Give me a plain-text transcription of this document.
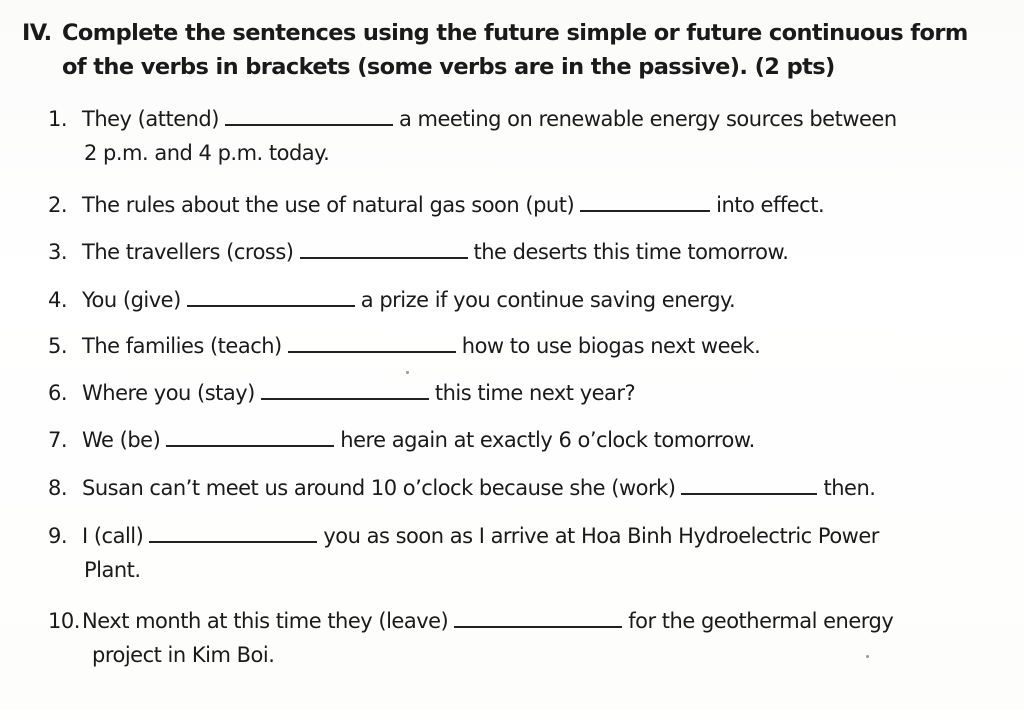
IV. Complete the sentences using the future simple or future continuous form
of the verbs in brackets (some verbs are in the passive). (2 pts)
1. They (attend)	a meeting on renewable energy sources between
2 p.m. and 4 p.m. today.
2. The rules about the use of natural gas soon (put)	into effect.
3. The travellers (cross)	the deserts this time tomorrow.
4. You (give)	a prize if you continue saving energy.
5. The families (teach)	how to use biogas next week.
6. Where you (stay)	this time next year?
7. We (be)	here again at exactly 6 o’clock tomorrow.
8. Susan can’t meet us around 10 o’clock because she (work)	then.
9. I (call)	you as soon as I arrive at Hoa Binh Hydroelectric Power
Plant.
10.Next month at this time they (leave)	for the geothermal energy
project in Kim Boi.
